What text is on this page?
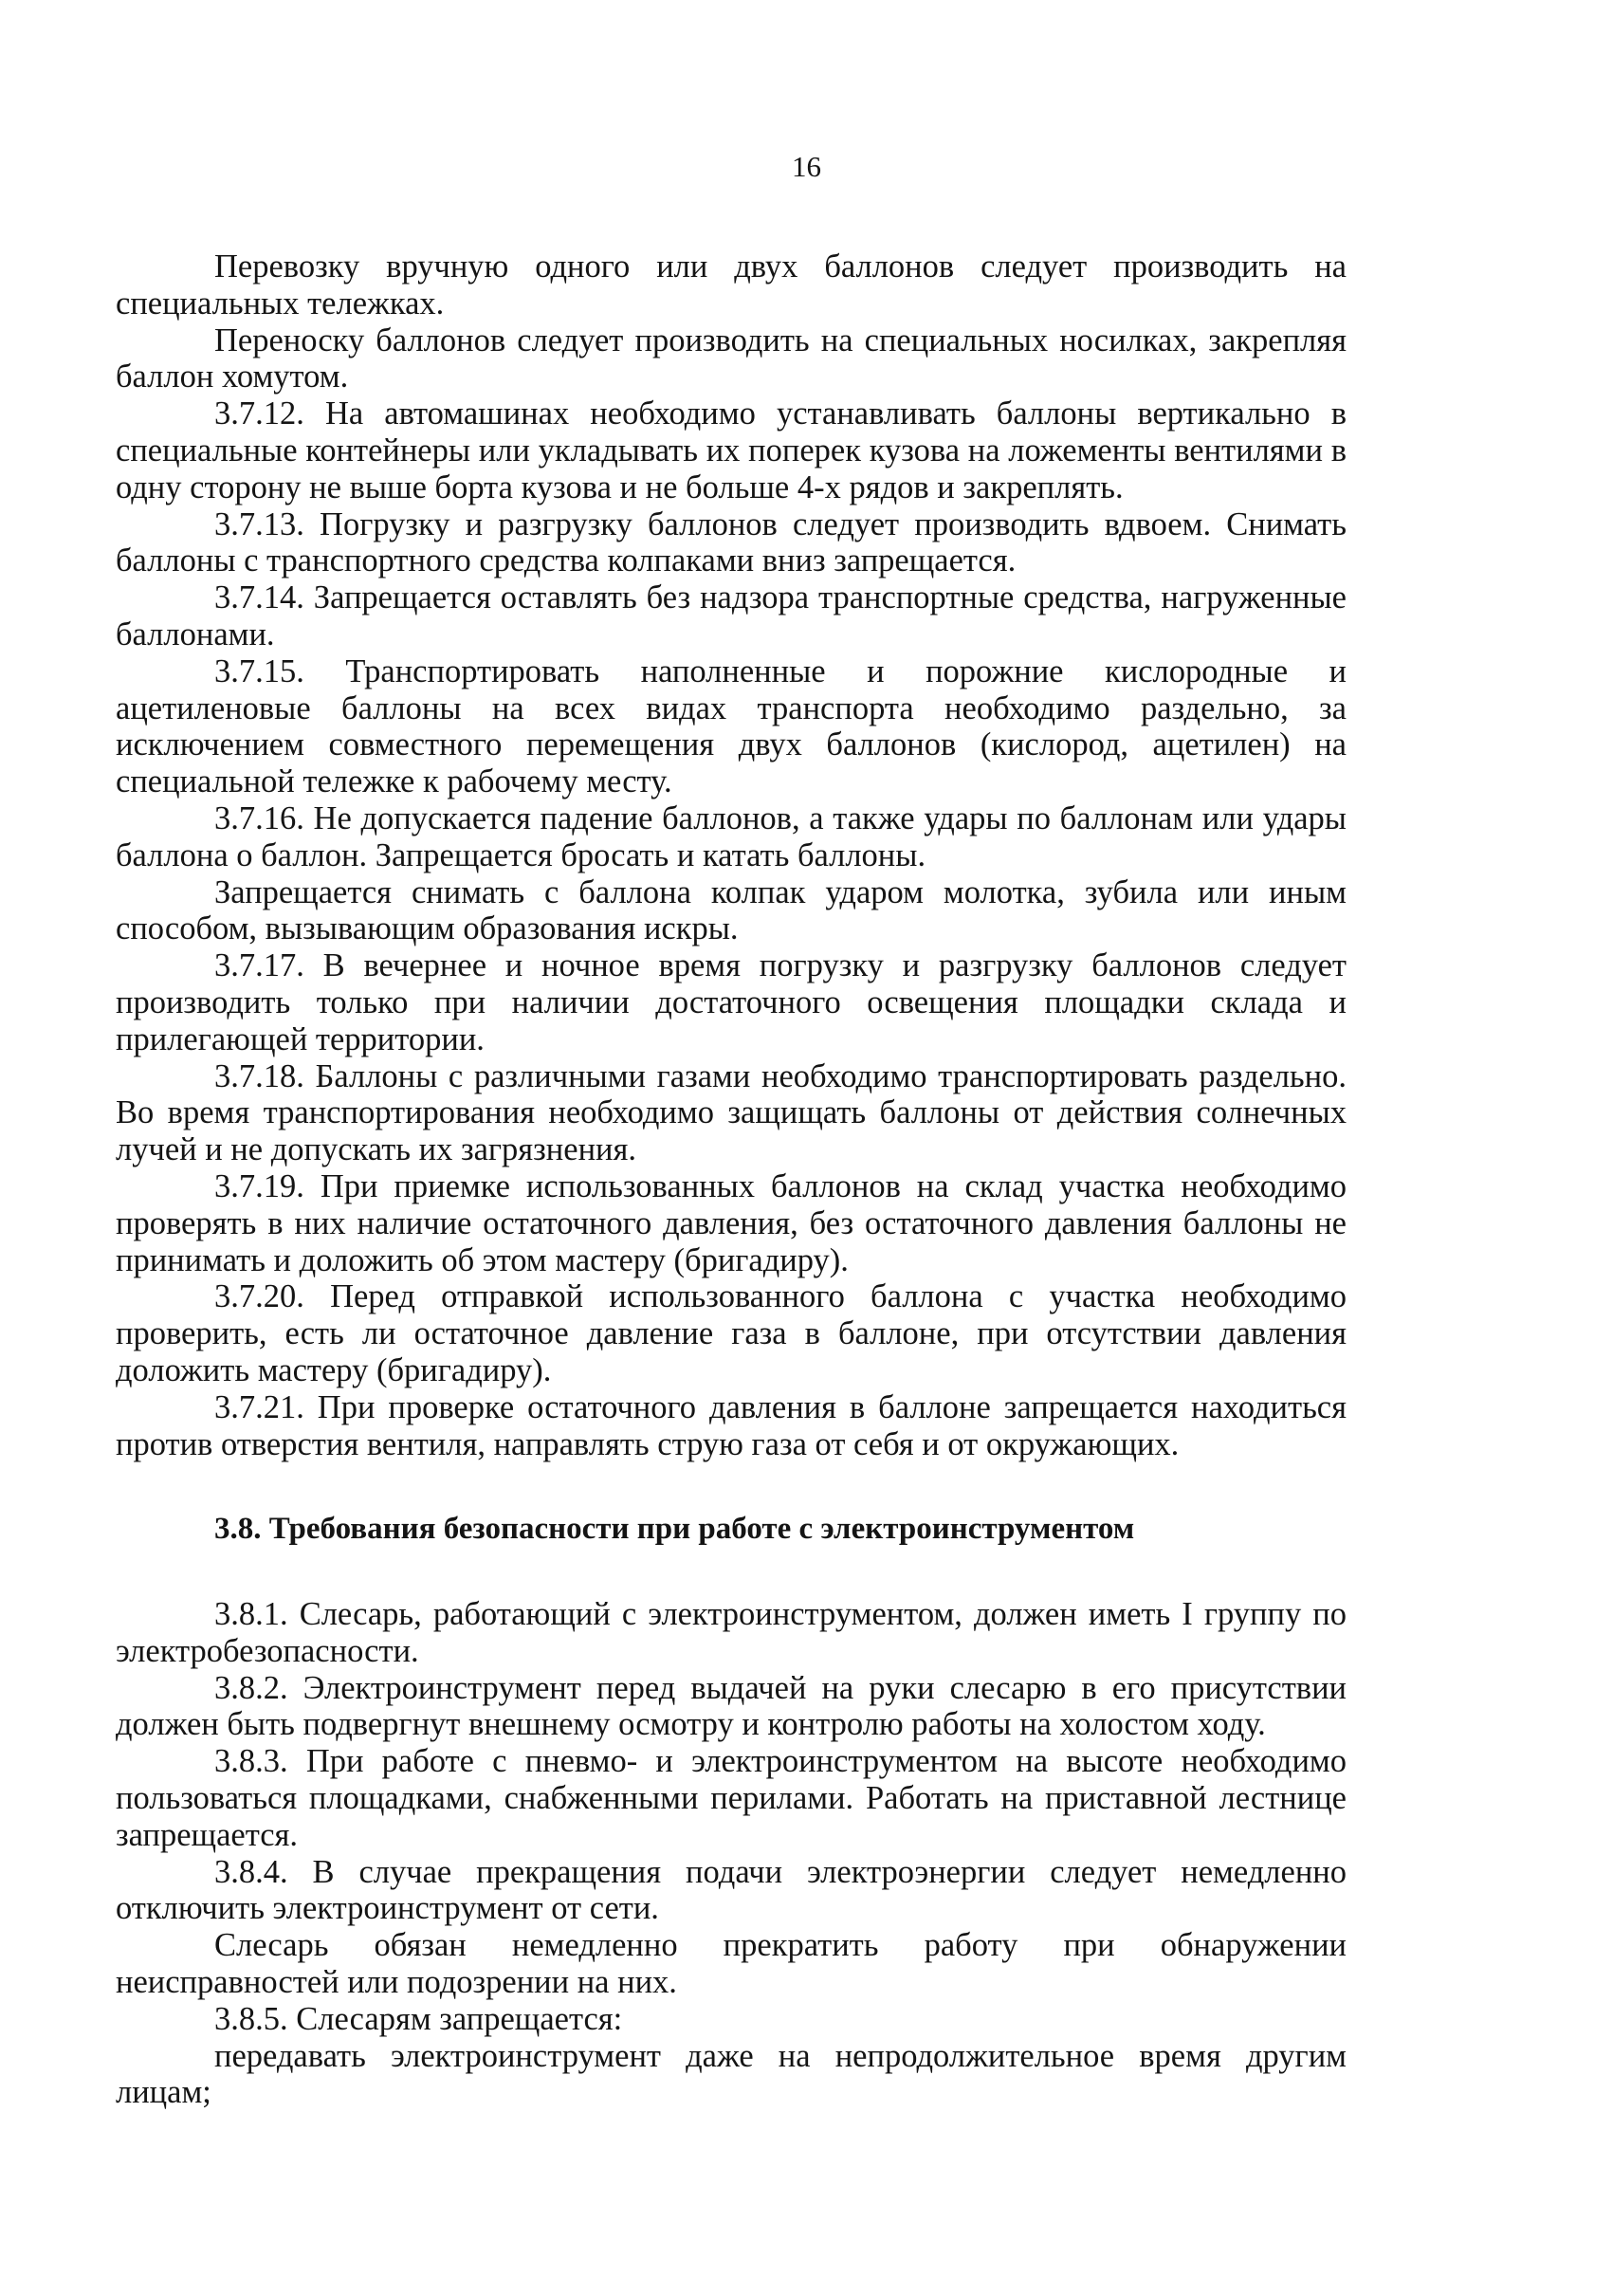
16

Перевозку вручную одного или двух баллонов следует производить на специальных тележках.

Переноску баллонов следует производить на специальных носилках, закрепляя баллон хомутом.

3.7.12. На автомашинах необходимо устанавливать баллоны вертикально в специальные контейнеры или укладывать их поперек кузова на ложементы вентилями в одну сторону не выше борта кузова и не больше 4-х рядов и закреплять.

3.7.13. Погрузку и разгрузку баллонов следует производить вдвоем. Снимать баллоны с транспортного средства колпаками вниз запрещается.

3.7.14. Запрещается оставлять без надзора транспортные средства, нагруженные баллонами.

3.7.15. Транспортировать наполненные и порожние кислородные и ацетиленовые баллоны на всех видах транспорта необходимо раздельно, за исключением совместного перемещения двух баллонов (кислород, ацетилен) на специальной тележке к рабочему месту.

3.7.16. Не допускается падение баллонов, а также удары по баллонам или удары баллона о баллон. Запрещается бросать и катать баллоны.

Запрещается снимать с баллона колпак ударом молотка, зубила или иным способом, вызывающим образования искры.

3.7.17. В вечернее и ночное время погрузку и разгрузку баллонов следует производить только при наличии достаточного освещения площадки склада и прилегающей территории.

3.7.18. Баллоны с различными газами необходимо транспортировать раздельно. Во время транспортирования необходимо защищать баллоны от действия солнечных лучей и не допускать их загрязнения.

3.7.19. При приемке использованных баллонов на склад участка необходимо проверять в них наличие остаточного давления, без остаточного давления баллоны не принимать и доложить об этом мастеру (бригадиру).

3.7.20. Перед отправкой использованного баллона с участка необходимо проверить, есть ли остаточное давление газа в баллоне, при отсутствии давления доложить мастеру (бригадиру).

3.7.21. При проверке остаточного давления в баллоне запрещается находиться против отверстия вентиля, направлять струю газа от себя и от окружающих.

3.8. Требования безопасности при работе с электроинструментом

3.8.1. Слесарь, работающий с электроинструментом, должен иметь I группу по электробезопасности.

3.8.2. Электроинструмент перед выдачей на руки слесарю в его присутствии должен быть подвергнут внешнему осмотру и контролю работы на холостом ходу.

3.8.3. При работе с пневмо- и электроинструментом на высоте необходимо пользоваться площадками, снабженными перилами. Работать на приставной лестнице запрещается.

3.8.4. В случае прекращения подачи электроэнергии следует немедленно отключить электроинструмент от сети.

Слесарь обязан немедленно прекратить работу при обнаружении неисправностей или подозрении на них.

3.8.5. Слесарям запрещается:

передавать электроинструмент даже на непродолжительное время другим лицам;
